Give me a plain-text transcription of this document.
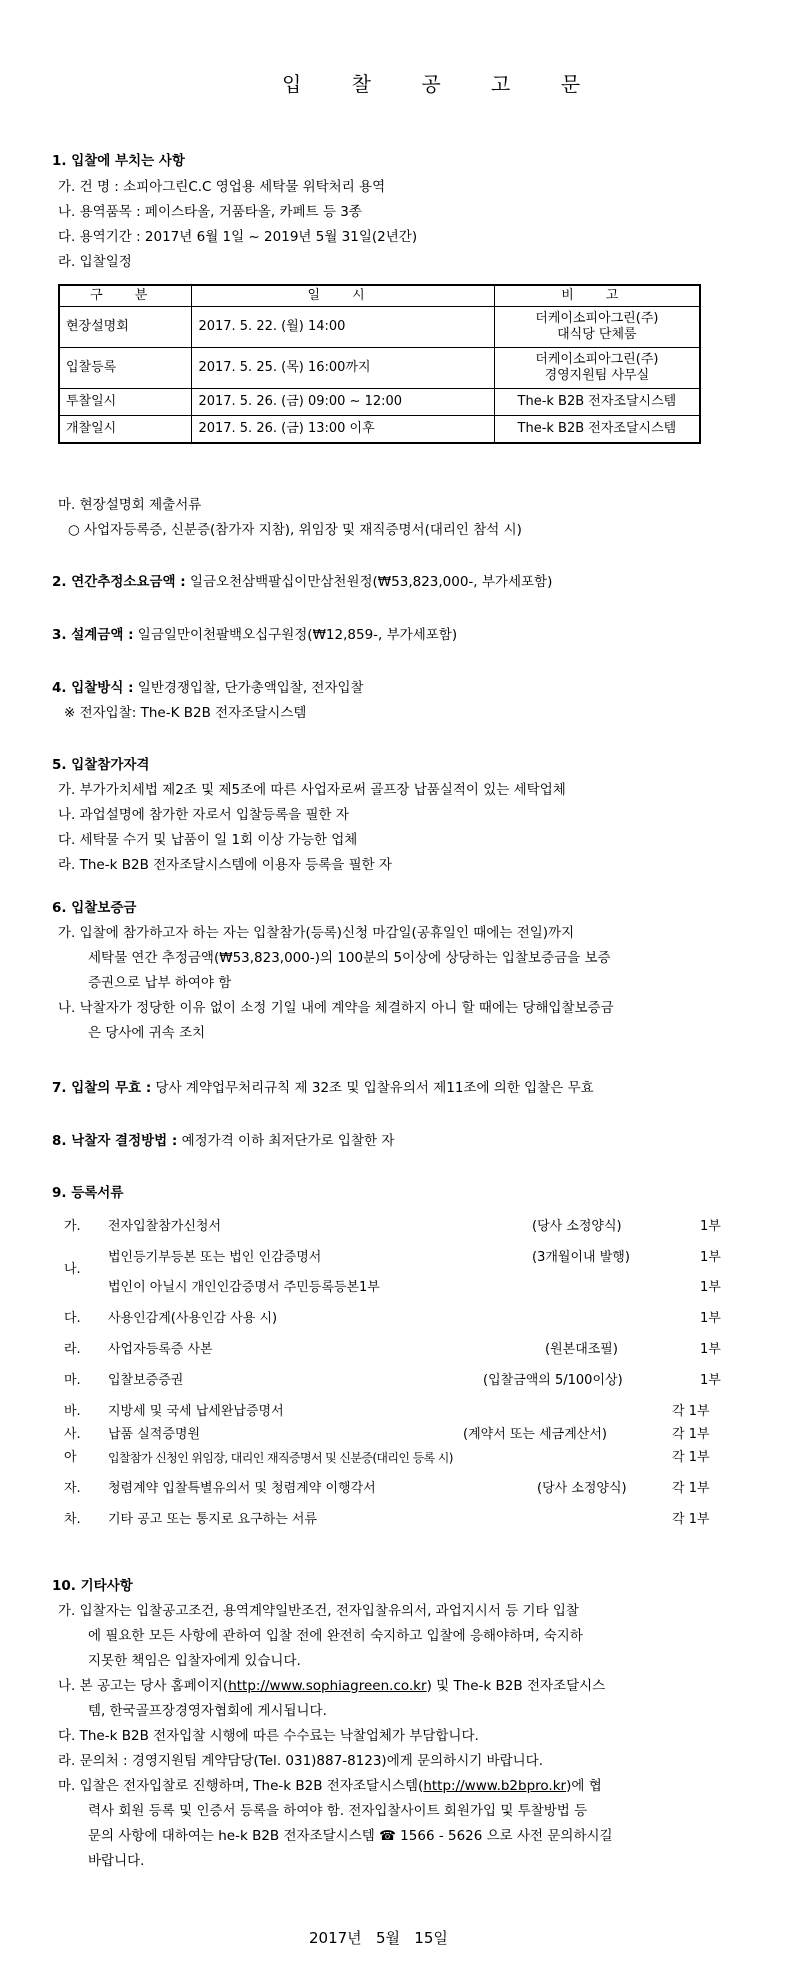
입 찰 공 고 문
1. 입찰에 부치는 사항
가. 건 명 : 소피아그린C.C 영업용 세탁물 위탁처리 용역
나. 용역품목 : 페이스타올, 거품타올, 카페트 등 3종
다. 용역기간 : 2017년 6월 1일 ~ 2019년 5월 31일(2년간)
라. 입찰일정
구 분	일 시	비 고
현장설명회	2017. 5. 22. (월) 14:00	더케이소피아그린(주)
대식당 단체룸
입찰등록	2017. 5. 25. (목) 16:00까지	더케이소피아그린(주)
경영지원팀 사무실
투찰일시	2017. 5. 26. (금) 09:00 ~ 12:00	The-k B2B 전자조달시스템
개찰일시	2017. 5. 26. (금) 13:00 이후	The-k B2B 전자조달시스템
마. 현장설명회 제출서류
○ 사업자등록증, 신분증(참가자 지참), 위임장 및 재직증명서(대리인 참석 시)
2. 연간추정소요금액 : 일금오천삼백팔십이만삼천원정(₩53,823,000-, 부가세포함)
3. 설계금액 : 일금일만이천팔백오십구원정(₩12,859-, 부가세포함)
4. 입찰방식 : 일반경쟁입찰, 단가총액입찰, 전자입찰
※ 전자입찰: The-K B2B 전자조달시스템
5. 입찰참가자격
가. 부가가치세법 제2조 및 제5조에 따른 사업자로써 골프장 납품실적이 있는 세탁업체
나. 과업설명에 참가한 자로서 입찰등록을 필한 자
다. 세탁물 수거 및 납품이 일 1회 이상 가능한 업체
라. The-k B2B 전자조달시스템에 이용자 등록을 필한 자
6. 입찰보증금
가. 입찰에 참가하고자 하는 자는 입찰참가(등록)신청 마감일(공휴일인 때에는 전일)까지
세탁물 연간 추정금액(₩53,823,000-)의 100분의 5이상에 상당하는 입찰보증금을 보증
증권으로 납부 하여야 함
나. 낙찰자가 정당한 이유 없이 소정 기일 내에 계약을 체결하지 아니 할 때에는 당해입찰보증금
은 당사에 귀속 조치
7. 입찰의 무효 : 당사 계약업무처리규칙 제 32조 및 입찰유의서 제11조에 의한 입찰은 무효
8. 낙찰자 결정방법 : 예정가격 이하 최저단가로 입찰한 자
9. 등록서류
가. 전자입찰참가신청서	(당사 소정양식)	1부
나.
법인등기부등본 또는 법인 인감증명서	(3개월이내 발행)	1부
법인이 아닐시 개인인감증명서 주민등록등본1부	1부
다. 사용인감계(사용인감 사용 시)	1부
라. 사업자등록증 사본	(원본대조필)	1부
마. 입찰보증증권	(입찰금액의 5/100이상)	1부
바. 지방세 및 국세 납세완납증명서	각 1부
사. 납품 실적증명원	(계약서 또는 세금계산서)	각 1부
아	입찰참가 신청인 위임장, 대리인 재직증명서 및 신분증(대리인 등록 시)	각 1부
자. 청렴계약 입찰특별유의서 및 청렴계약 이행각서	(당사 소정양식)	각 1부
차. 기타 공고 또는 통지로 요구하는 서류	각 1부
10. 기타사항
가. 입찰자는 입찰공고조건, 용역계약일반조건, 전자입찰유의서, 과업지시서 등 기타 입찰
에 필요한 모든 사항에 관하여 입찰 전에 완전히 숙지하고 입찰에 응해야하며, 숙지하
지못한 책임은 입찰자에게 있습니다.
나. 본 공고는 당사 홈페이지(http://www.sophiagreen.co.kr) 및 The-k B2B 전자조달시스
템, 한국골프장경영자협회에 게시됩니다.
다. The-k B2B 전자입찰 시행에 따른 수수료는 낙찰업체가 부담합니다.
라. 문의처 : 경영지원팀 계약담당(Tel. 031)887-8123)에게 문의하시기 바랍니다.
마. 입찰은 전자입찰로 진행하며, The-k B2B 전자조달시스템(http://www.b2bpro.kr)에 협
력사 회원 등록 및 인증서 등록을 하여야 함. 전자입찰사이트 회원가입 및 투찰방법 등
문의 사항에 대하여는 he-k B2B 전자조달시스템 ☎ 1566 - 5626 으로 사전 문의하시길
바랍니다.
2017년   5월   15일
